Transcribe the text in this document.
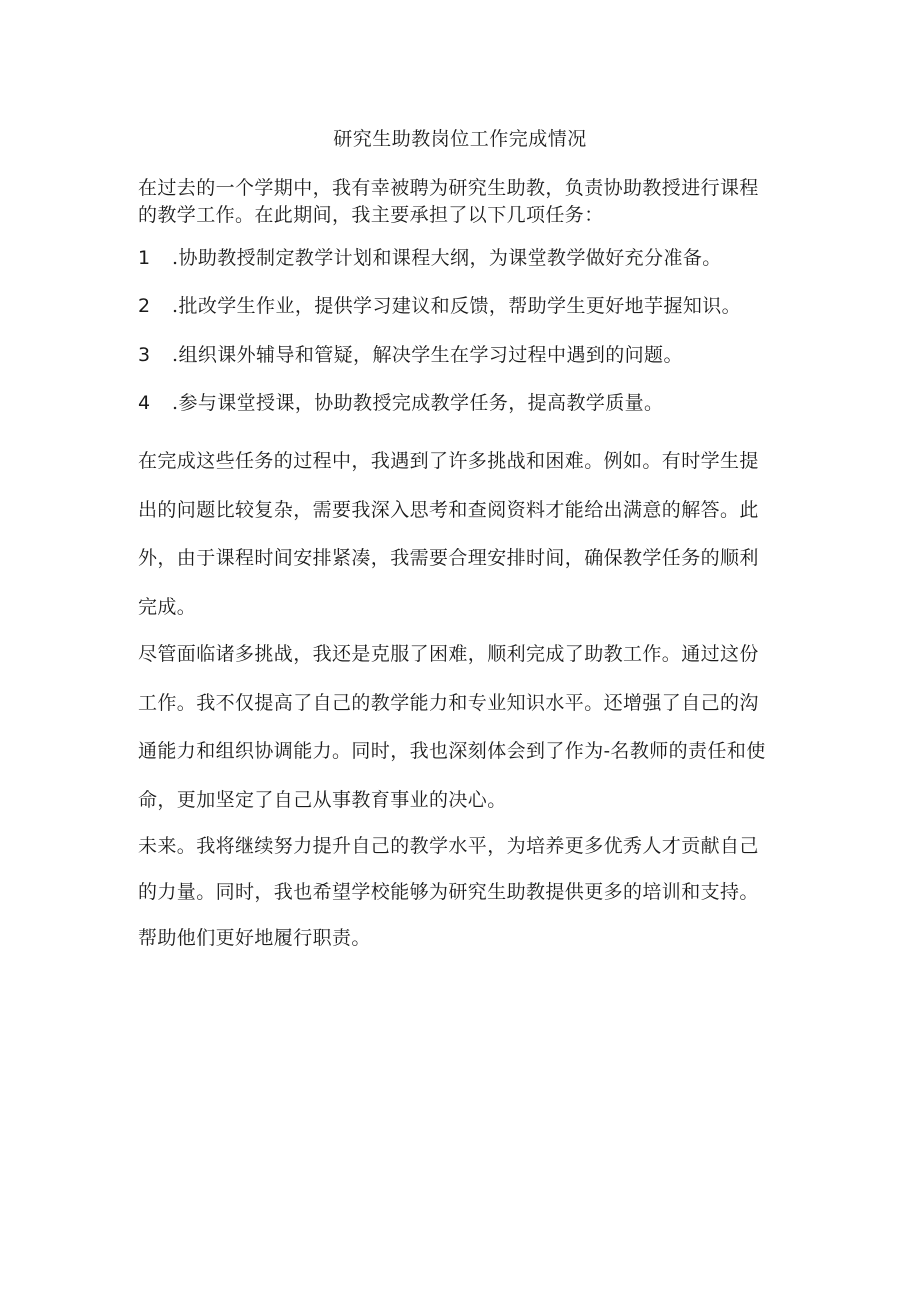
研究生助教岗位工作完成情况

在过去的一个学期中，我有幸被聘为研究生助教，负责协助教授进行课程
的教学工作。在此期间，我主要承担了以下几项任务：

1 .协助教授制定教学计划和课程大纲，为课堂教学做好充分准备。
2 .批改学生作业，提供学习建议和反馈，帮助学生更好地芋握知识。
3 .组织课外辅导和管疑，解决学生在学习过程中遇到的问题。
4 .参与课堂授课，协助教授完成教学任务，提高教学质量。

在完成这些任务的过程中，我遇到了许多挑战和困难。例如。有时学生提
出的问题比较复杂，需要我深入思考和查阅资料才能给出满意的解答。此
外，由于课程时间安排紧凑，我需要合理安排时间，确保教学任务的顺利
完成。

尽管面临诸多挑战，我还是克服了困难，顺利完成了助教工作。通过这份
工作。我不仅提高了自己的教学能力和专业知识水平。还增强了自己的沟
通能力和组织协调能力。同时，我也深刻体会到了作为-名教师的责任和使
命，更加坚定了自己从事教育事业的决心。

未来。我将继续努力提升自己的教学水平，为培养更多优秀人才贡献自己
的力量。同时，我也希望学校能够为研究生助教提供更多的培训和支持。
帮助他们更好地履行职责。
